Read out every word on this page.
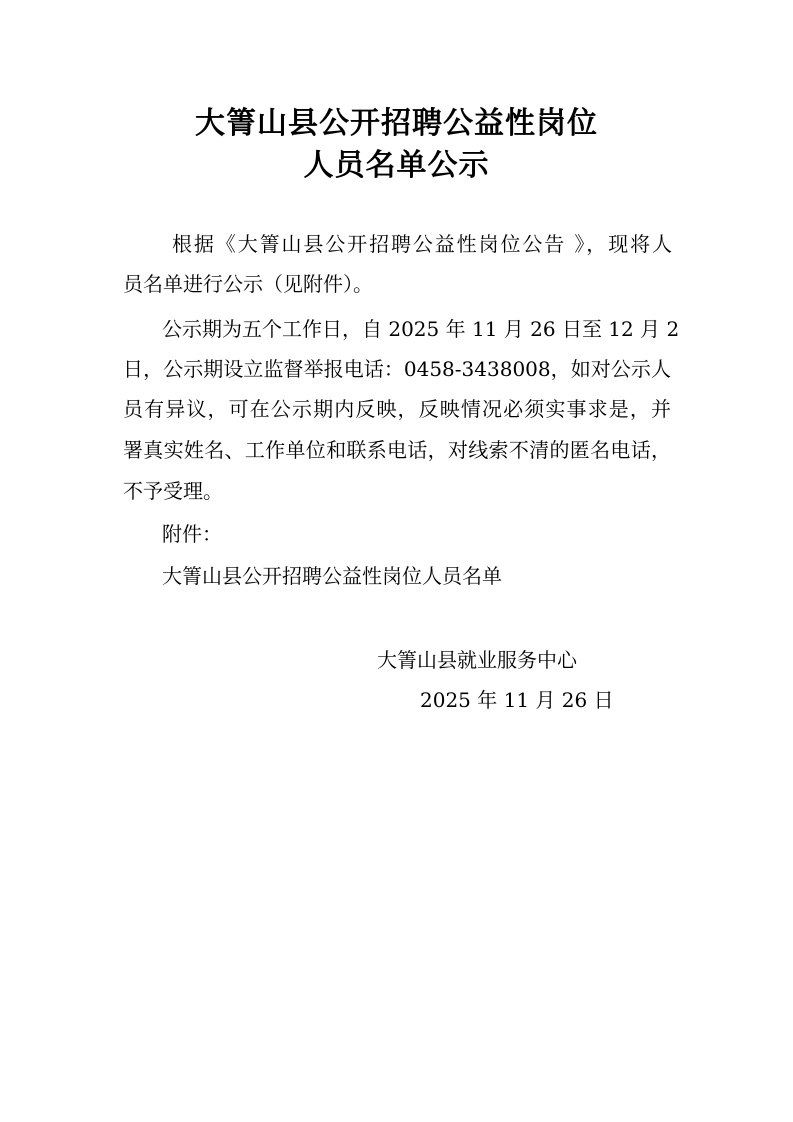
大箐山县公开招聘公益性岗位
人员名单公示
根据《大箐山县公开招聘公益性岗位公告 》，现将人
员名单进行公示（见附件）。
公示期为五个工作日，自 2025 年 11 月 26 日至 12 月 2
日，公示期设立监督举报电话：0458-3438008，如对公示人
员有异议，可在公示期内反映，反映情况必须实事求是，并
署真实姓名、工作单位和联系电话，对线索不清的匿名电话，
不予受理。
附件：
大箐山县公开招聘公益性岗位人员名单
大箐山县就业服务中心
2025 年 11 月 26 日
